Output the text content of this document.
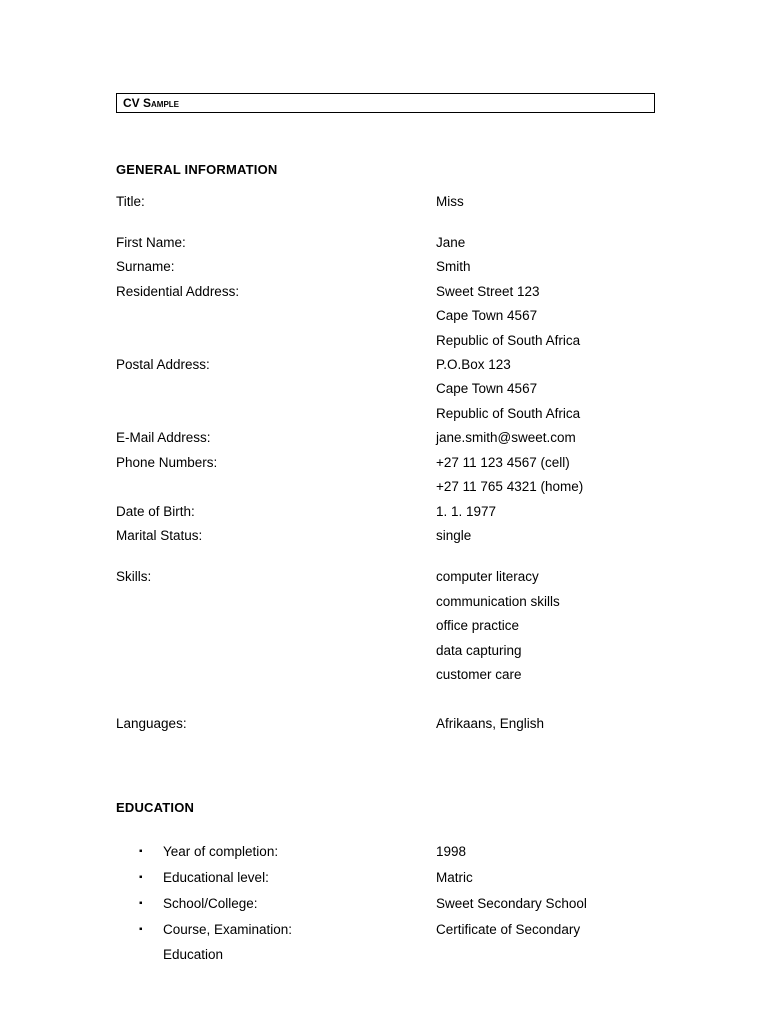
CV Sample
GENERAL INFORMATION
Title:	Miss
First Name:	Jane
Surname:	Smith
Residential Address:	Sweet Street 123
Cape Town 4567
Republic of South Africa
Postal Address:	P.O.Box 123
Cape Town 4567
Republic of South Africa
E-Mail Address:	jane.smith@sweet.com
Phone Numbers:	+27 11 123 4567 (cell)
+27 11 765 4321 (home)
Date of Birth:	1. 1. 1977
Marital Status:	single
Skills:	computer literacy
communication skills
office practice
data capturing
customer care
Languages:	Afrikaans, English
EDUCATION
▪ Year of completion:	1998
▪ Educational level:	Matric
▪ School/College:	Sweet Secondary School
▪ Course, Examination:	Certificate of Secondary
Education
